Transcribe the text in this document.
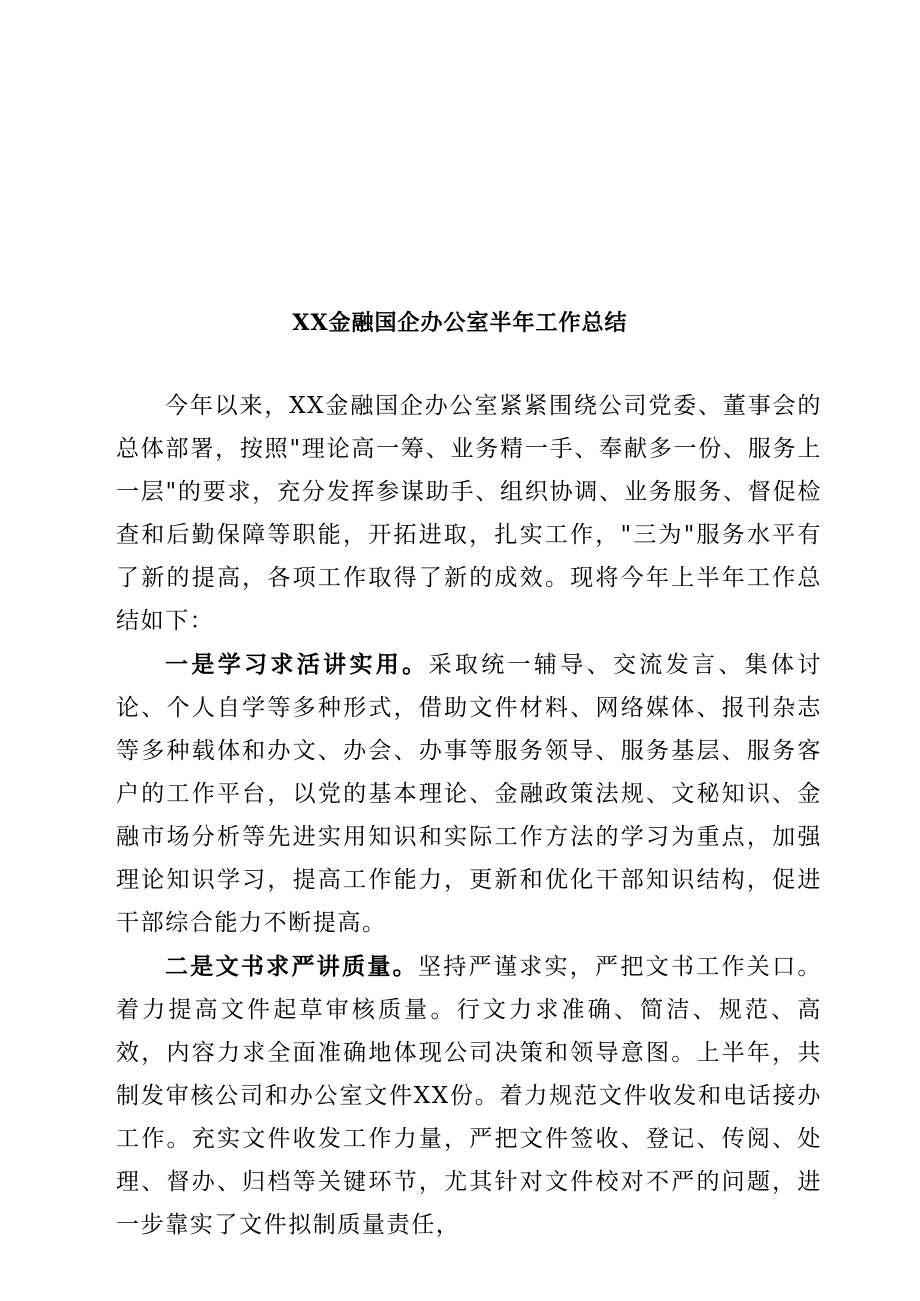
XX金融国企办公室半年工作总结

今年以来，XX金融国企办公室紧紧围绕公司党委、董事会的总体部署，按照"理论高一筹、业务精一手、奉献多一份、服务上一层"的要求，充分发挥参谋助手、组织协调、业务服务、督促检查和后勤保障等职能，开拓进取，扎实工作，"三为"服务水平有了新的提高，各项工作取得了新的成效。现将今年上半年工作总结如下：

一是学习求活讲实用。采取统一辅导、交流发言、集体讨论、个人自学等多种形式，借助文件材料、网络媒体、报刊杂志等多种载体和办文、办会、办事等服务领导、服务基层、服务客户的工作平台，以党的基本理论、金融政策法规、文秘知识、金融市场分析等先进实用知识和实际工作方法的学习为重点，加强理论知识学习，提高工作能力，更新和优化干部知识结构，促进干部综合能力不断提高。

二是文书求严讲质量。坚持严谨求实，严把文书工作关口。着力提高文件起草审核质量。行文力求准确、简洁、规范、高效，内容力求全面准确地体现公司决策和领导意图。上半年，共制发审核公司和办公室文件XX份。着力规范文件收发和电话接办工作。充实文件收发工作力量，严把文件签收、登记、传阅、处理、督办、归档等关键环节，尤其针对文件校对不严的问题，进一步靠实了文件拟制质量责任，
